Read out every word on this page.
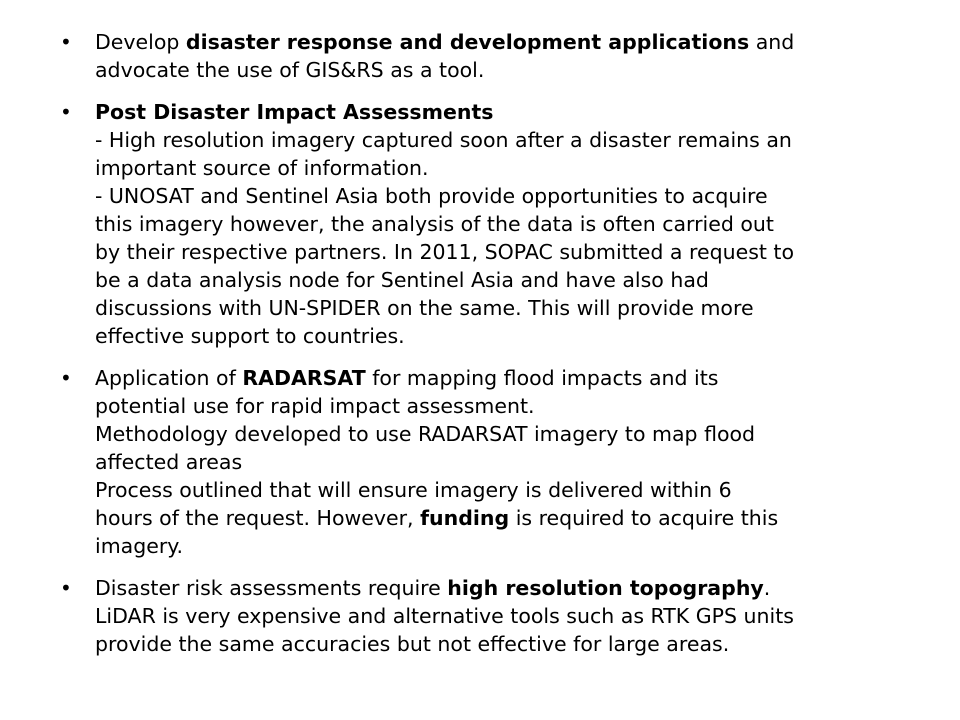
•	Develop disaster response and development applications and
advocate the use of GIS&RS as a tool.
•	Post Disaster Impact Assessments
- High resolution imagery captured soon after a disaster remains an
important source of information.
- UNOSAT and Sentinel Asia both provide opportunities to acquire
this imagery however, the analysis of the data is often carried out
by their respective partners. In 2011, SOPAC submitted a request to
be a data analysis node for Sentinel Asia and have also had
discussions with UN-SPIDER on the same. This will provide more
effective support to countries.
•	Application of RADARSAT for mapping flood impacts and its
potential use for rapid impact assessment.
Methodology developed to use RADARSAT imagery to map flood
affected areas
Process outlined that will ensure imagery is delivered within 6
hours of the request. However, funding is required to acquire this
imagery.
•	Disaster risk assessments require high resolution topography.
LiDAR is very expensive and alternative tools such as RTK GPS units
provide the same accuracies but not effective for large areas.
